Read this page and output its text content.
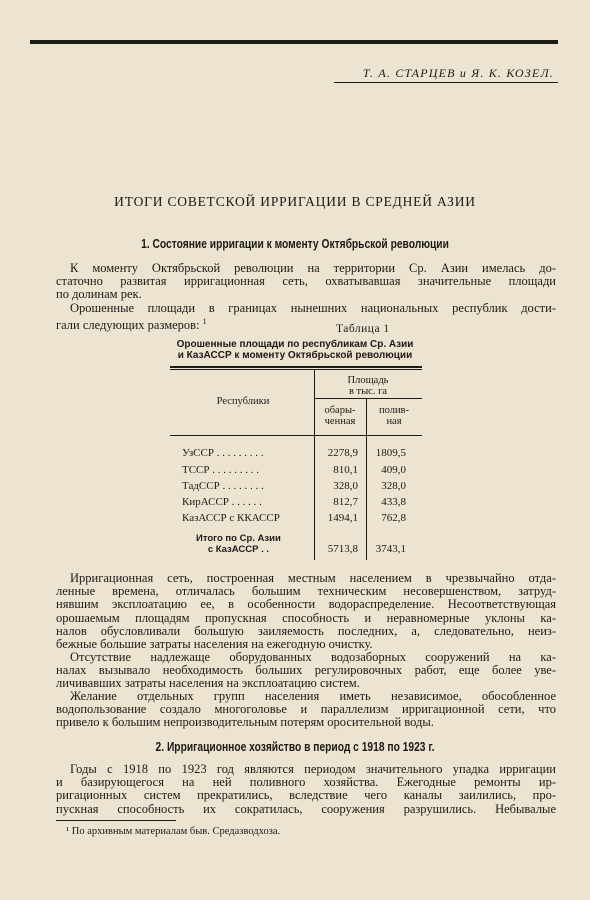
Т. А. СТАРЦЕВ и Я. К. КОЗЕЛ.
ИТОГИ СОВЕТСКОЙ ИРРИГАЦИИ В СРЕДНЕЙ АЗИИ
1. Состояние ирригации к моменту Октябрьской революции

К моменту Октябрьской революции на территории Ср. Азии имелась до-
статочно развитая ирригационная сеть, охватывавшая значительные площади
по долинам рек.

Орошенные площади в границах нынешних национальных республик дости-
гали следующих размеров: $^1$

Таблица 1
Орошенные площади по республикам Ср. Азии
и КазАССР к моменту Октябрьской революции
Республики
Площадь
в тыс. га
обары-
ченная
полив-
ная
УзССР . . . . . . . . .	2278,9	1809,5
ТССР . . . . . . . . .	810,1	409,0
ТадССР . . . . . . . .	328,0	328,0
КирАССР . . . . . .	812,7	433,8
КазАССР с ККАССР	1494,1	762,8
Итого по Ср. Азии
с КазАССР . .	5713,8	3743,1

Ирригационная сеть, построенная местным населением в чрезвычайно отда-
ленные времена, отличалась большим техническим несовершенством, затруд-
нявшим эксплоатацию ее, в особенности водораспределение. Несоответствующая
орошаемым площадям пропускная способность и неравномерные уклоны ка-
налов обусловливали большую заиляемость последних, а, следовательно, неиз-
бежные большие затраты населения на ежегодную очистку.

Отсутствие надлежаще оборудованных водозаборных сооружений на ка-
налах вызывало необходимость больших регулировочных работ, еще более уве-
личивавших затраты населения на эксплоатацию систем.

Желание отдельных групп населения иметь независимое, обособленное
водопользование создало многоголовье и параллелизм ирригационной сети, что
привело к большим непроизводительным потерям оросительной воды.

2. Ирригационное хозяйство в период с 1918 по 1923 г.

Годы с 1918 по 1923 год являются периодом значительного упадка ирригации
и базирующегося на ней поливного хозяйства. Ежегодные ремонты ир-
ригационных систем прекратились, вследствие чего каналы заилились, про-
пускная способность их сократилась, сооружения разрушились. Небывалые

¹ По архивным материалам быв. Средазводхоза.
